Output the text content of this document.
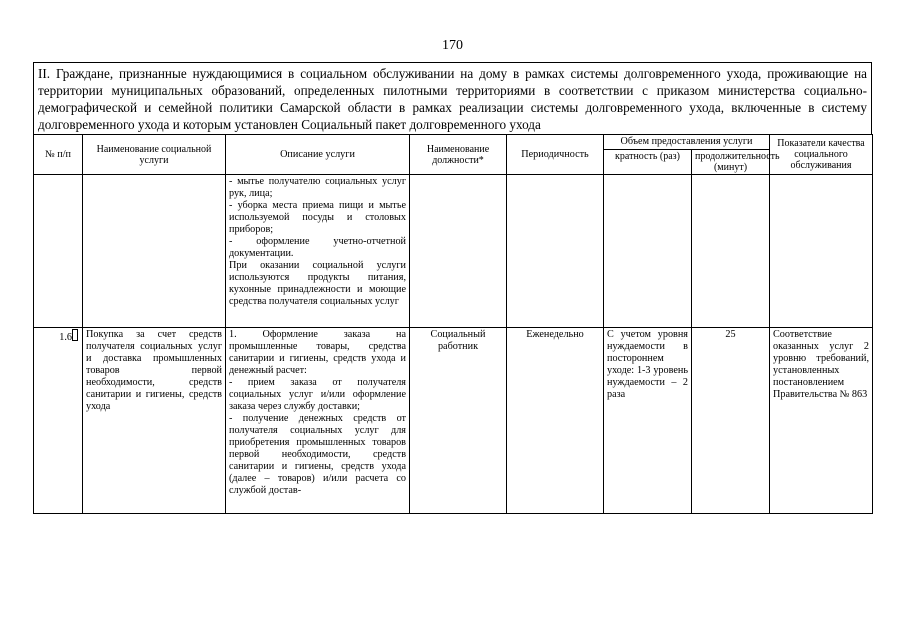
170
II. Граждане, признанные нуждающимися в социальном обслуживании на дому в рамках системы долговременного ухода, проживающие на территории муниципальных образований, определенных пилотными территориями в соответствии с приказом министерства социально-демографической и семейной политики Самарской области в рамках реализации системы долговременного ухода, включенные в систему долговременного ухода и которым установлен Социальный пакет долговременного ухода
№ п/п	Наименование социальной услуги	Описание услуги	Наименование должности*	Периодичность	Объем предоставления услуги		Показатели качества социального обслуживания
					кратность (раз)	продолжительность (минут)	

		- мытье получателю социальных услуг рук, лица;
- уборка места приема пищи и мытье используемой посуды и столовых приборов;
- оформление учетно-отчетной документации.
При оказании социальной услуги используются продукты питания, кухонные принадлежности и моющие средства получателя социальных услуг					

1.6	Покупка за счет средств получателя социальных услуг и доставка промышленных товаров первой необходимости, средств санитарии и гигиены, средств ухода	1. Оформление заказа на промышленные товары, средства санитарии и гигиены, средств ухода и денежный расчет:
- прием заказа от получателя социальных услуг и/или оформление заказа через службу доставки;
- получение денежных средств от получателя социальных услуг для приобретения промышленных товаров первой необходимости, средств санитарии и гигиены, средств ухода (далее – товаров) и/или расчета со службой достав-	Социальный работник	Еженедельно	С учетом уровня нуждаемости в постороннем уходе: 1-3 уровень нуждаемости – 2 раза	25	Соответствие оказанных услуг 2 уровню требований, установленных постановлением Правительства № 863
